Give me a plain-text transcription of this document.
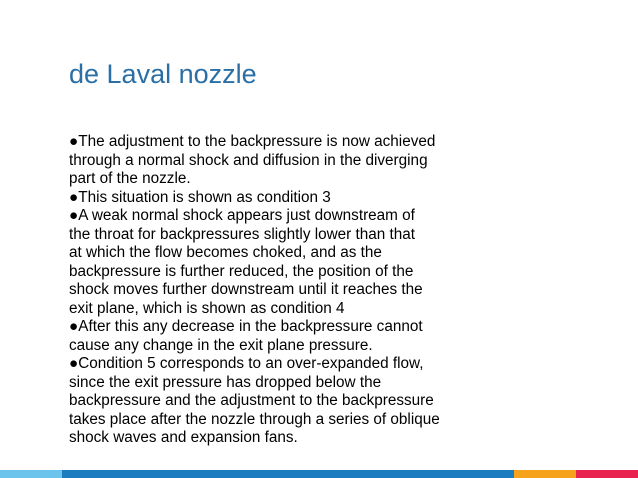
de Laval nozzle
●The adjustment to the backpressure is now achieved
through a normal shock and diffusion in the diverging
part of the nozzle.
●This situation is shown as condition 3
●A weak normal shock appears just downstream of
the throat for backpressures slightly lower than that
at which the flow becomes choked, and as the
backpressure is further reduced, the position of the
shock moves further downstream until it reaches the
exit plane, which is shown as condition 4
●After this any decrease in the backpressure cannot
cause any change in the exit plane pressure.
●Condition 5 corresponds to an over-expanded flow,
since the exit pressure has dropped below the
backpressure and the adjustment to the backpressure
takes place after the nozzle through a series of oblique
shock waves and expansion fans.
